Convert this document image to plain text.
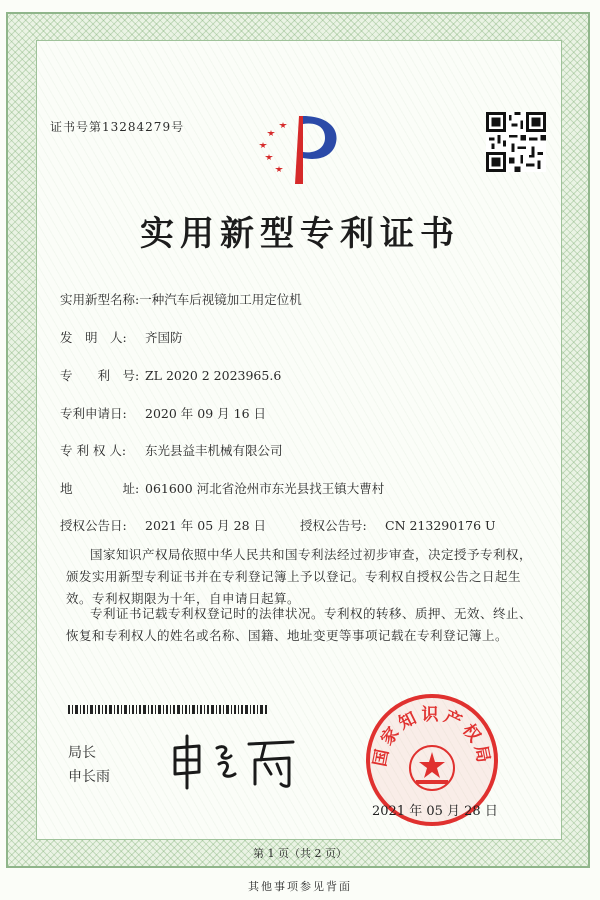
证书号第13284279号
实用新型专利证书
实用新型名称:一种汽车后视镜加工用定位机
发　明　人: 齐国防
专　　利　号: ZL 2020 2 2023965.6
专利申请日: 2020 年 09 月 16 日
专 利 权 人: 东光县益丰机械有限公司
地　　　　址: 061600 河北省沧州市东光县找王镇大曹村
授权公告日: 2021 年 05 月 28 日	授权公告号: CN 213290176 U
国家知识产权局依照中华人民共和国专利法经过初步审查，决定授予专利权，颁发实用新型专利证书并在专利登记簿上予以登记。专利权自授权公告之日起生效。专利权期限为十年，自申请日起算。
专利证书记载专利权登记时的法律状况。专利权的转移、质押、无效、终止、恢复和专利权人的姓名或名称、国籍、地址变更等事项记载在专利登记簿上。
局长
申长雨
国家知识产权局
2021 年 05 月 28 日
第 1 页（共 2 页）
其他事项参见背面
